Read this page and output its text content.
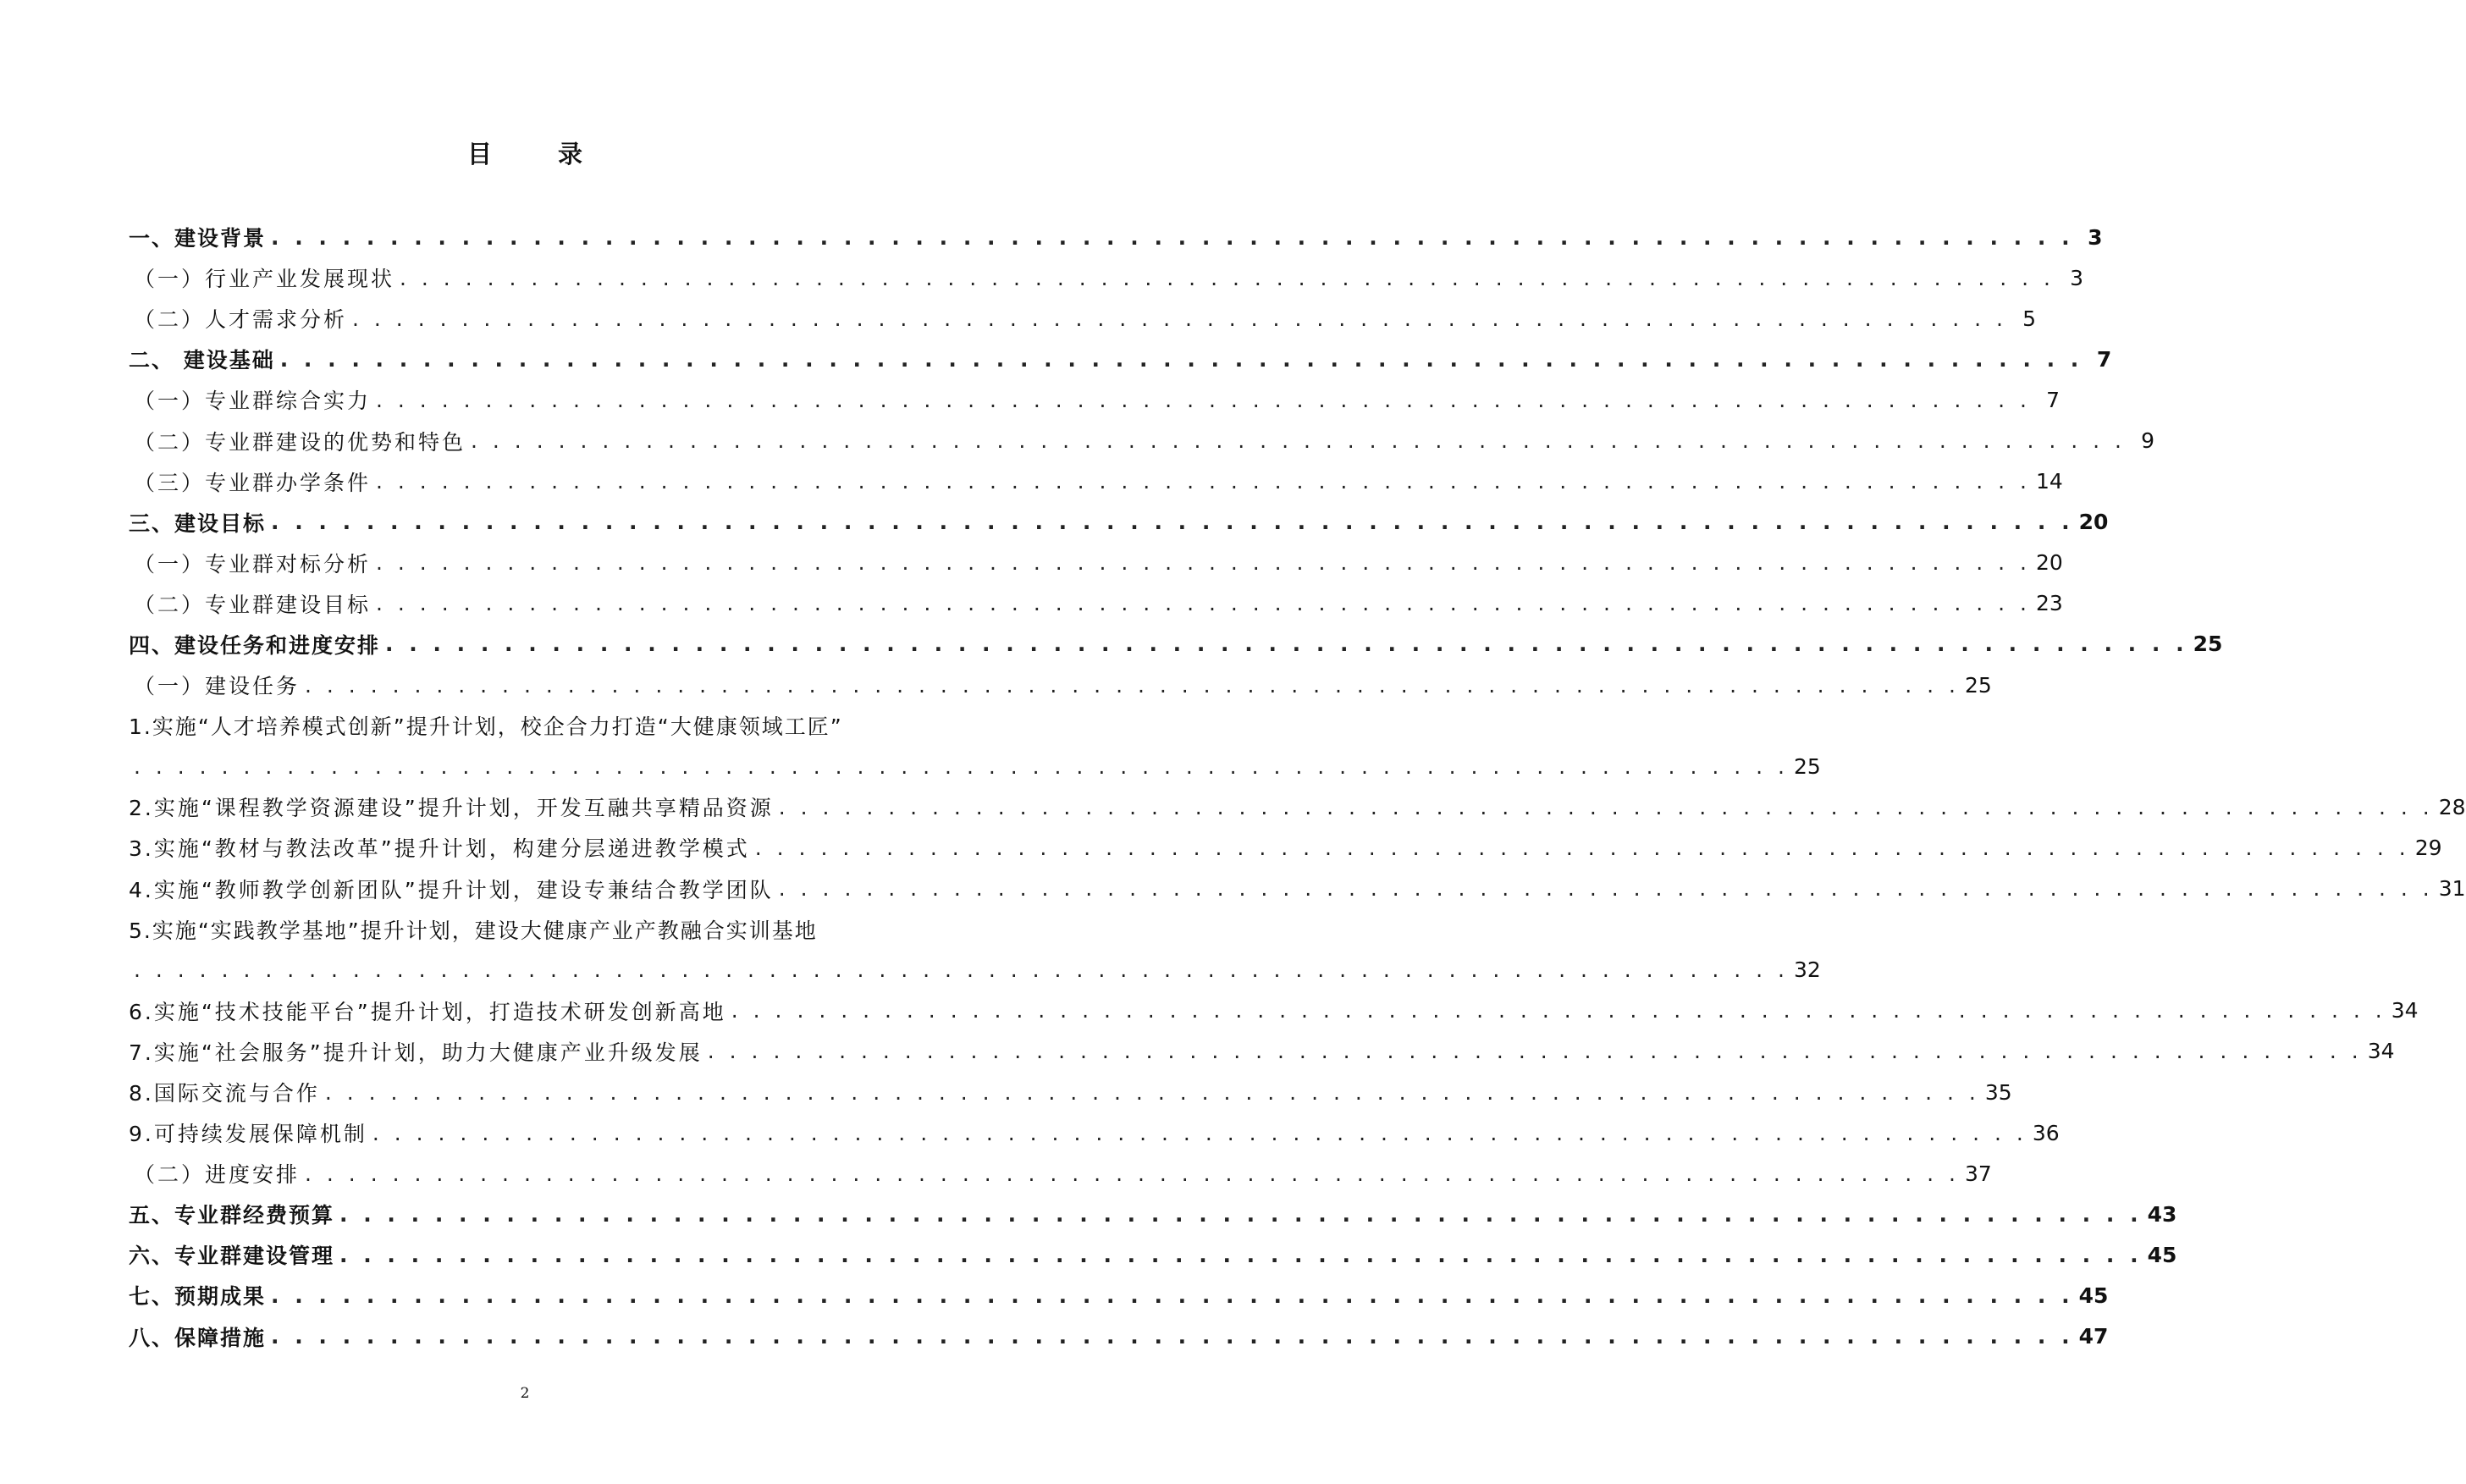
目 录
一、建设背景 . . . . . . . . . . . . . . . . . . . . . . . . . . . . . . . . . . . . . . . . . . . . . . . . . . . . . . . . . . . . . . . . . . . . . . . . . . . . 3
（一）行业产业发展现状 . . . . . . . . . . . . . . . . . . . . . . . . . . . . . . . . . . . . . . . . . . . . . . . . . . . . . . . . . . . . . . . . . . . . . . . . . . . . 3
（二）人才需求分析 . . . . . . . . . . . . . . . . . . . . . . . . . . . . . . . . . . . . . . . . . . . . . . . . . . . . . . . . . . . . . . . . . . . . . . . . . . . . 5
二、 建设基础 . . . . . . . . . . . . . . . . . . . . . . . . . . . . . . . . . . . . . . . . . . . . . . . . . . . . . . . . . . . . . . . . . . . . . . . . . . . . 7
（一）专业群综合实力 . . . . . . . . . . . . . . . . . . . . . . . . . . . . . . . . . . . . . . . . . . . . . . . . . . . . . . . . . . . . . . . . . . . . . . . . . . . . 7
（二）专业群建设的优势和特色 . . . . . . . . . . . . . . . . . . . . . . . . . . . . . . . . . . . . . . . . . . . . . . . . . . . . . . . . . . . . . . . . . . . . . . . . . . . . 9
（三）专业群办学条件 . . . . . . . . . . . . . . . . . . . . . . . . . . . . . . . . . . . . . . . . . . . . . . . . . . . . . . . . . . . . . . . . . . . . . . . . . . . . 14
三、建设目标 . . . . . . . . . . . . . . . . . . . . . . . . . . . . . . . . . . . . . . . . . . . . . . . . . . . . . . . . . . . . . . . . . . . . . . . . . . . . 20
（一）专业群对标分析 . . . . . . . . . . . . . . . . . . . . . . . . . . . . . . . . . . . . . . . . . . . . . . . . . . . . . . . . . . . . . . . . . . . . . . . . . . . . 20
（二）专业群建设目标 . . . . . . . . . . . . . . . . . . . . . . . . . . . . . . . . . . . . . . . . . . . . . . . . . . . . . . . . . . . . . . . . . . . . . . . . . . . . 23
四、建设任务和进度安排 . . . . . . . . . . . . . . . . . . . . . . . . . . . . . . . . . . . . . . . . . . . . . . . . . . . . . . . . . . . . . . . . . . . . . . . . . . . . 25
（一）建设任务 . . . . . . . . . . . . . . . . . . . . . . . . . . . . . . . . . . . . . . . . . . . . . . . . . . . . . . . . . . . . . . . . . . . . . . . . . . . . 25
1.实施“人才培养模式创新”提升计划，校企合力打造“大健康领域工匠”
. . . . . . . . . . . . . . . . . . . . . . . . . . . . . . . . . . . . . . . . . . . . . . . . . . . . . . . . . . . . . . . . . . . . . . . . . . . . 25
2.实施“课程教学资源建设”提升计划，开发互融共享精品资源 . . . . . . . . . . . . . . . . . . . . . . . . . . . . . . . . . . . . . . . . . . . . . . . . . . . . . . . . . . . . . . . . . . . . . . . . . . . . 28
3.实施“教材与教法改革”提升计划，构建分层递进教学模式 . . . . . . . . . . . . . . . . . . . . . . . . . . . . . . . . . . . . . . . . . . . . . . . . . . . . . . . . . . . . . . . . . . . . . . . . . . . . 29
4.实施“教师教学创新团队”提升计划，建设专兼结合教学团队 . . . . . . . . . . . . . . . . . . . . . . . . . . . . . . . . . . . . . . . . . . . . . . . . . . . . . . . . . . . . . . . . . . . . . . . . . . . . 31
5.实施“实践教学基地”提升计划，建设大健康产业产教融合实训基地
. . . . . . . . . . . . . . . . . . . . . . . . . . . . . . . . . . . . . . . . . . . . . . . . . . . . . . . . . . . . . . . . . . . . . . . . . . . . 32
6.实施“技术技能平台”提升计划，打造技术研发创新高地 . . . . . . . . . . . . . . . . . . . . . . . . . . . . . . . . . . . . . . . . . . . . . . . . . . . . . . . . . . . . . . . . . . . . . . . . . . . . 34
7.实施“社会服务”提升计划，助力大健康产业升级发展 . . . . . . . . . . . . . . . . . . . . . . . . . . . . . . . . . . . . . . . . . . . . . . . . . . . . . . . . . . . . . . . . . . . . . . . . . . . . 34
8.国际交流与合作 . . . . . . . . . . . . . . . . . . . . . . . . . . . . . . . . . . . . . . . . . . . . . . . . . . . . . . . . . . . . . . . . . . . . . . . . . . . . 35
9.可持续发展保障机制 . . . . . . . . . . . . . . . . . . . . . . . . . . . . . . . . . . . . . . . . . . . . . . . . . . . . . . . . . . . . . . . . . . . . . . . . . . . . 36
（二）进度安排 . . . . . . . . . . . . . . . . . . . . . . . . . . . . . . . . . . . . . . . . . . . . . . . . . . . . . . . . . . . . . . . . . . . . . . . . . . . . 37
五、专业群经费预算 . . . . . . . . . . . . . . . . . . . . . . . . . . . . . . . . . . . . . . . . . . . . . . . . . . . . . . . . . . . . . . . . . . . . . . . . . . . . 43
六、专业群建设管理 . . . . . . . . . . . . . . . . . . . . . . . . . . . . . . . . . . . . . . . . . . . . . . . . . . . . . . . . . . . . . . . . . . . . . . . . . . . . 45
七、预期成果 . . . . . . . . . . . . . . . . . . . . . . . . . . . . . . . . . . . . . . . . . . . . . . . . . . . . . . . . . . . . . . . . . . . . . . . . . . . . 45
八、保障措施 . . . . . . . . . . . . . . . . . . . . . . . . . . . . . . . . . . . . . . . . . . . . . . . . . . . . . . . . . . . . . . . . . . . . . . . . . . . . 47
2
